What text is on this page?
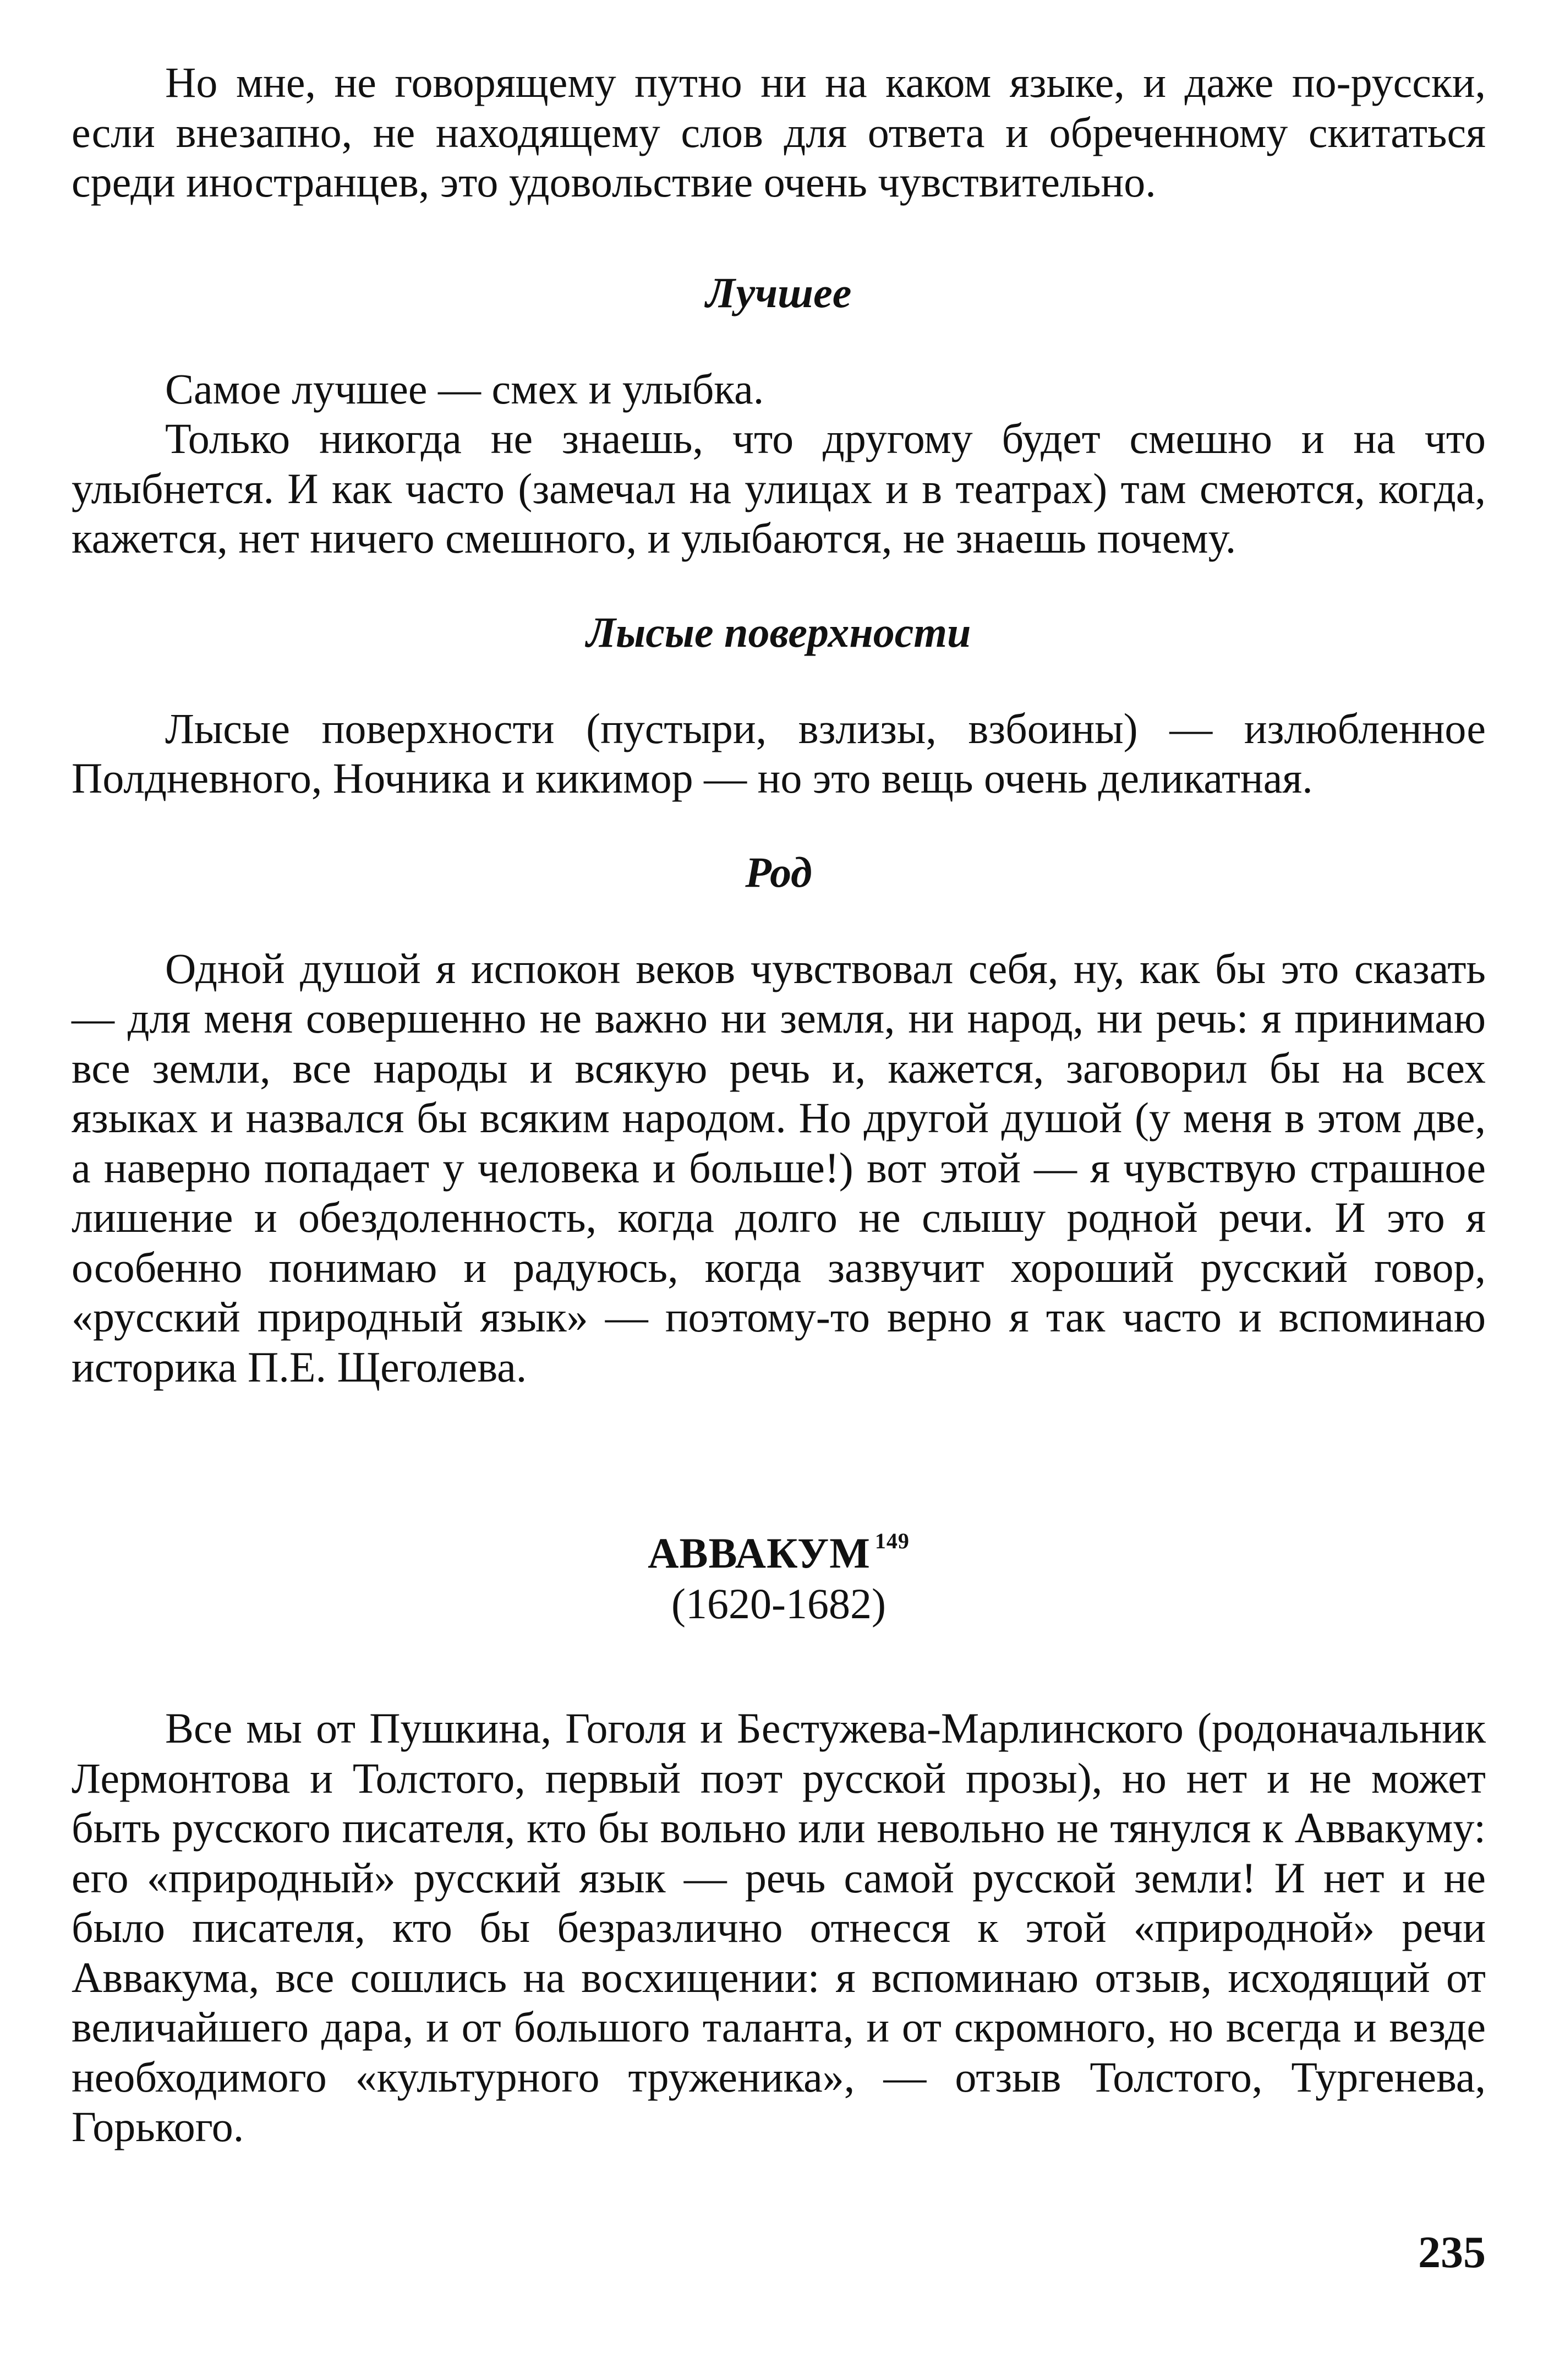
Но мне, не говорящему путно ни на каком языке, и даже по-русски, если внезапно, не находящему слов для ответа и обреченному скитаться среди иностранцев, это удовольствие очень чувствительно.

Лучшее

Самое лучшее — смех и улыбка.

Только никогда не знаешь, что другому будет смешно и на что улыбнется. И как часто (замечал на улицах и в театрах) там смеются, когда, кажется, нет ничего смешного, и улыбаются, не знаешь почему.

Лысые поверхности

Лысые поверхности (пустыри, взлизы, взбоины) — излюбленное Полдневного, Ночника и кикимор — но это вещь очень деликатная.

Род

Одной душой я испокон веков чувствовал себя, ну, как бы это сказать — для меня совершенно не важно ни земля, ни народ, ни речь: я принимаю все земли, все народы и всякую речь и, кажется, заговорил бы на всех языках и назвался бы всяким народом. Но другой душой (у меня в этом две, а наверно попадает у человека и больше!) вот этой — я чувствую страшное лишение и обездоленность, когда долго не слышу родной речи. И это я особенно понимаю и радуюсь, когда зазвучит хороший русский говор, «русский природный язык» — поэтому-то верно я так часто и вспоминаю историка П.Е. Щеголева.

АВВАКУМ $^{149}$
(1620-1682)

Все мы от Пушкина, Гоголя и Бестужева-Марлинского (родоначальник Лермонтова и Толстого, первый поэт русской прозы), но нет и не может быть русского писателя, кто бы вольно или невольно не тянулся к Аввакуму: его «природный» русский язык — речь самой русской земли! И нет и не было писателя, кто бы безразлично отнесся к этой «природной» речи Аввакума, все сошлись на восхищении: я вспоминаю отзыв, исходящий от величайшего дара, и от большого таланта, и от скромного, но всегда и везде необходимого «культурного труженика», — отзыв Толстого, Тургенева, Горького.

235
